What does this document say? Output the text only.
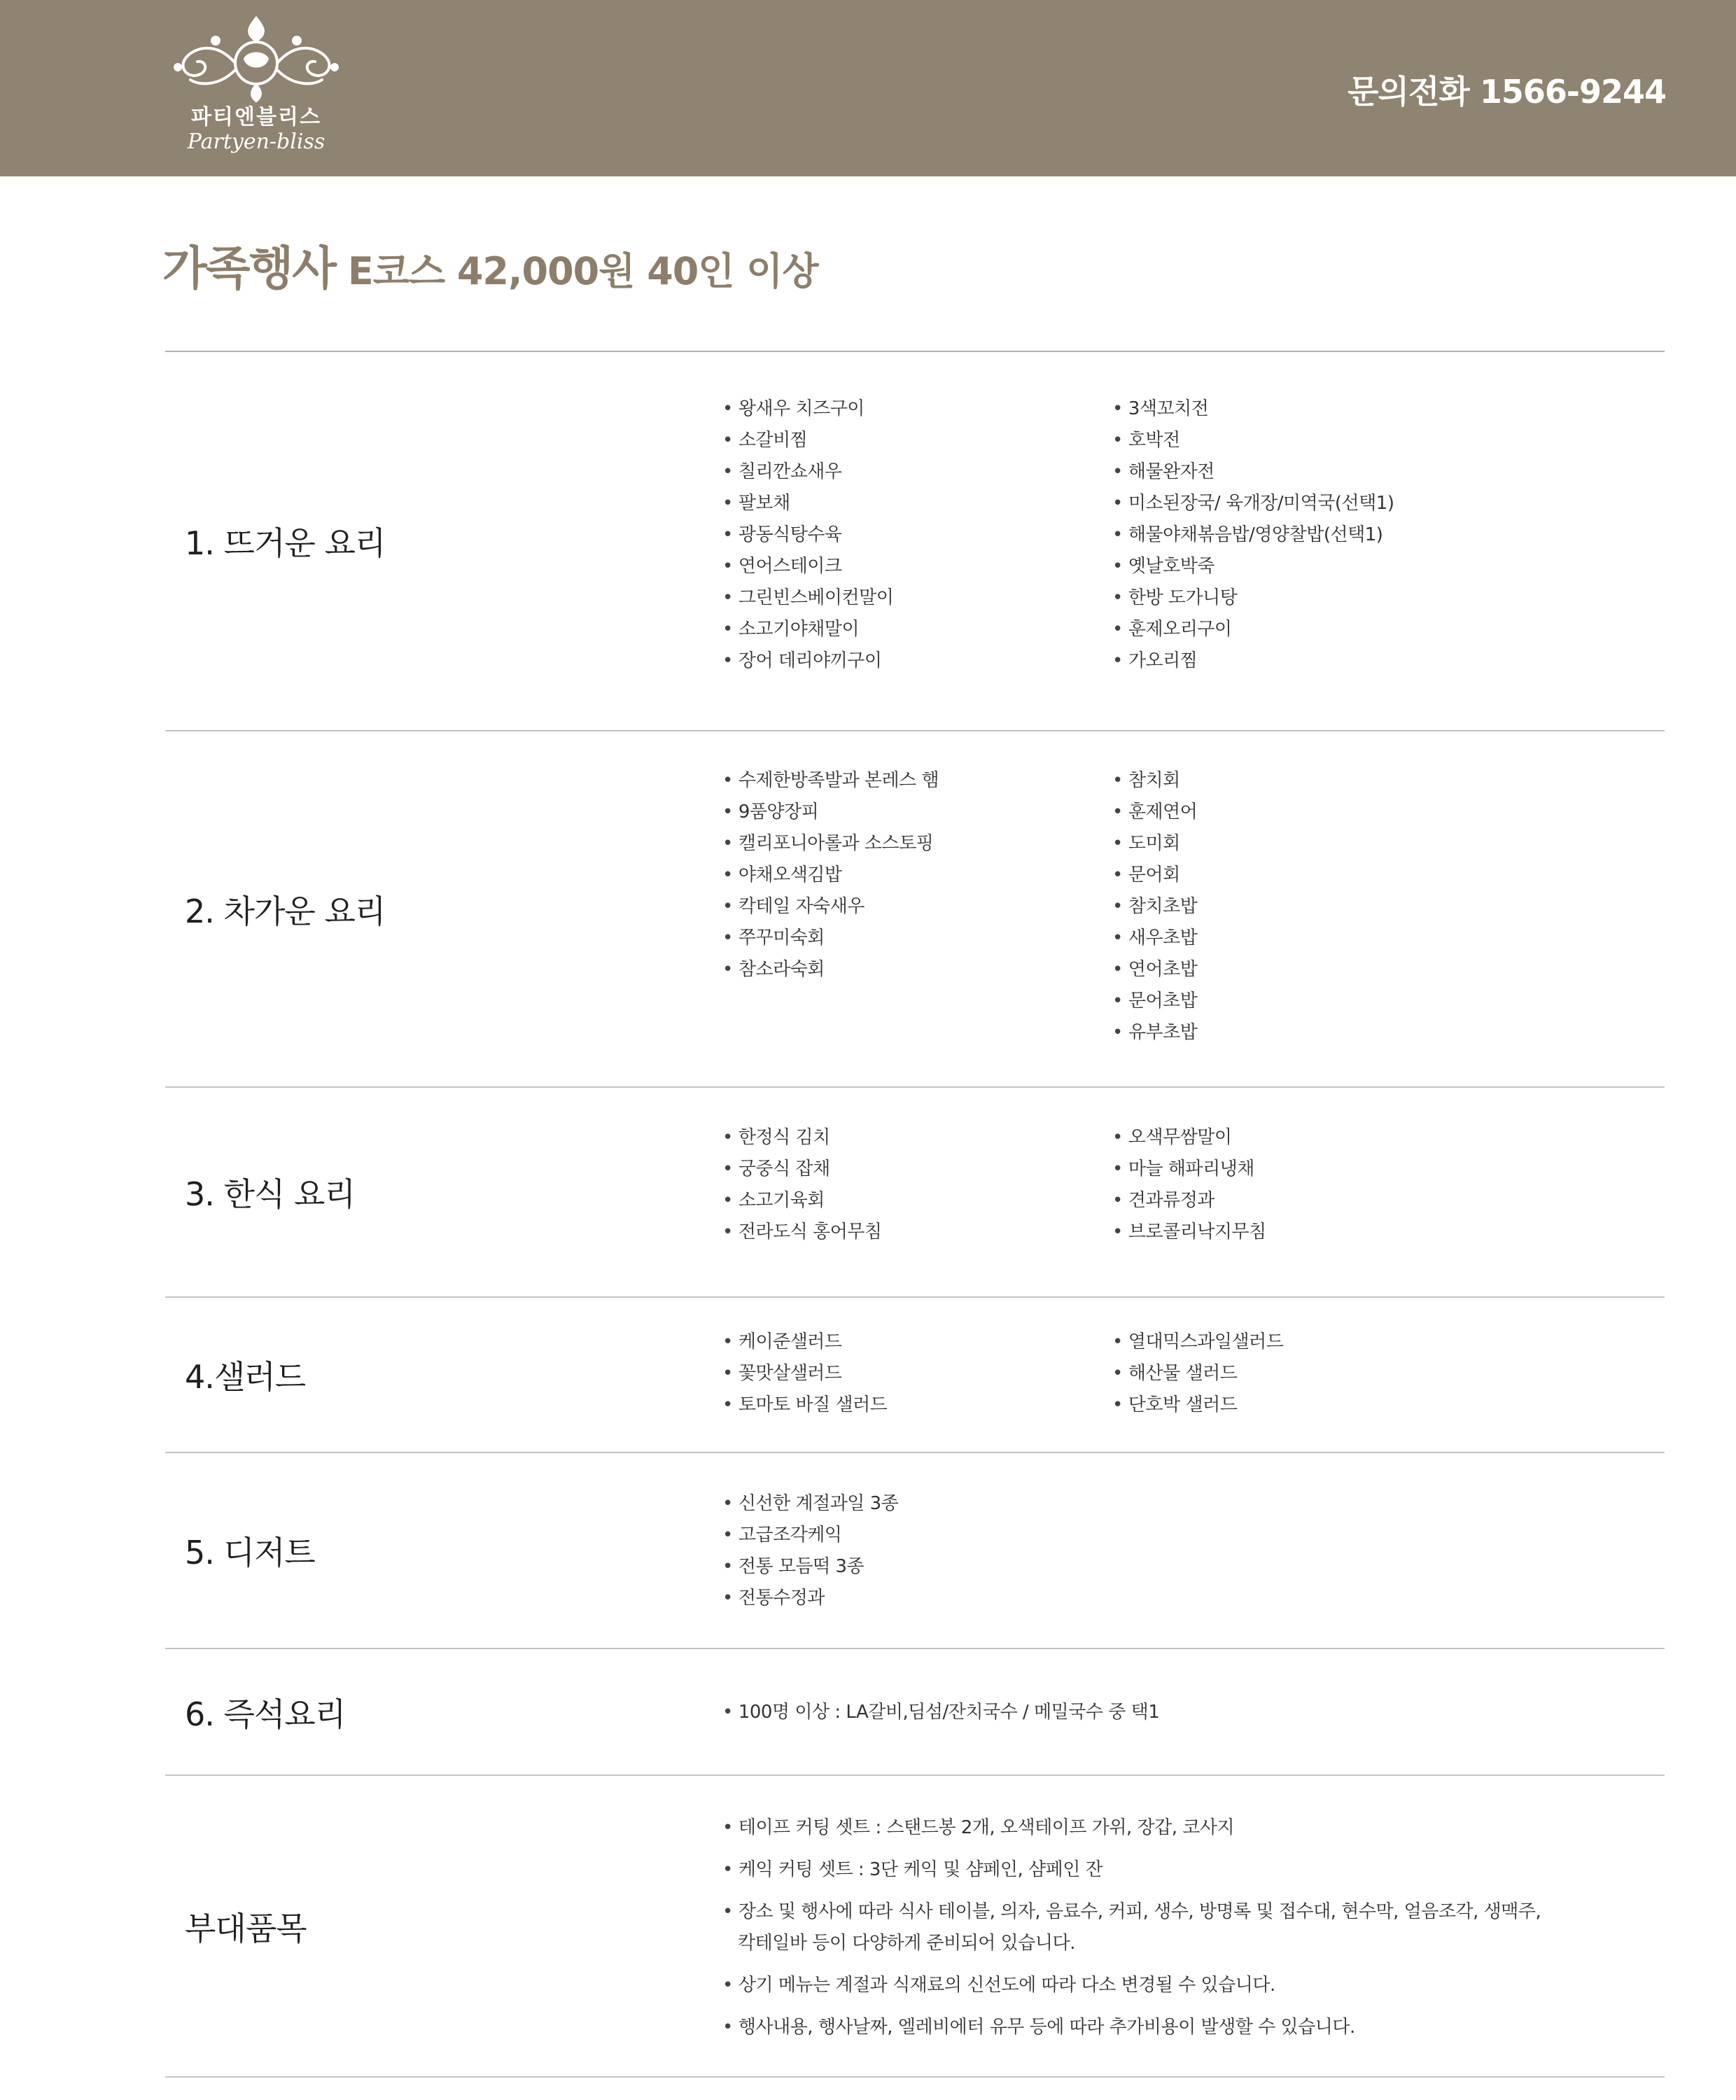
파티엔블리스
Partyen-bliss
문의전화 1566-9244
가족행사 E코스 42,000원 40인 이상
1. 뜨거운 요리
• 왕새우 치즈구이
• 소갈비찜
• 칠리깐쇼새우
• 팔보채
• 광동식탕수육
• 연어스테이크
• 그린빈스베이컨말이
• 소고기야채말이
• 장어 데리야끼구이
• 3색꼬치전
• 호박전
• 해물완자전
• 미소된장국/ 육개장/미역국(선택1)
• 해물야채볶음밥/영양찰밥(선택1)
• 옛날호박죽
• 한방 도가니탕
• 훈제오리구이
• 가오리찜
2. 차가운 요리
• 수제한방족발과 본레스 햄
• 9품양장피
• 캘리포니아롤과 소스토핑
• 야채오색김밥
• 칵테일 자숙새우
• 쭈꾸미숙회
• 참소라숙회
• 참치회
• 훈제연어
• 도미회
• 문어회
• 참치초밥
• 새우초밥
• 연어초밥
• 문어초밥
• 유부초밥
3. 한식 요리
• 한정식 김치
• 궁중식 잡채
• 소고기육회
• 전라도식 홍어무침
• 오색무쌈말이
• 마늘 해파리냉채
• 견과류정과
• 브로콜리낙지무침
4.샐러드
• 케이준샐러드
• 꽃맛살샐러드
• 토마토 바질 샐러드
• 열대믹스과일샐러드
• 해산물 샐러드
• 단호박 샐러드
5. 디저트
• 신선한 계절과일 3종
• 고급조각케익
• 전통 모듬떡 3종
• 전통수정과
6. 즉석요리
•	100명 이상 : LA갈비,딤섬/잔치국수 / 메밀국수 중 택1
부대품목
• 테이프 커팅 셋트 : 스탠드봉 2개, 오색테이프 가위, 장갑, 코사지
• 케익 커팅 셋트 : 3단 케익 및 샴페인, 샴페인 잔
• 장소 및 행사에 따라 식사 테이블, 의자, 음료수, 커피, 생수, 방명록 및 접수대, 현수막, 얼음조각, 생맥주,
칵테일바 등이 다양하게 준비되어 있습니다.
• 상기 메뉴는 계절과 식재료의 신선도에 따라 다소 변경될 수 있습니다.
• 행사내용, 행사날짜, 엘레비에터 유무 등에 따라 추가비용이 발생할 수 있습니다.
